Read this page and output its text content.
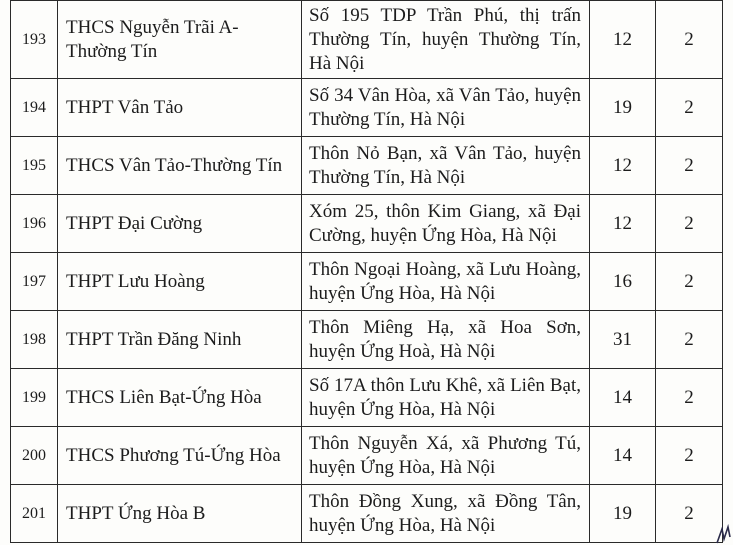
193	THCS Nguyễn Trãi A-Thường Tín	Số 195 TDP Trần Phú, thị trấn Thường Tín, huyện Thường Tín, Hà Nội	12	2
194	THPT Vân Tảo	Số 34 Vân Hòa, xã Vân Tảo, huyện Thường Tín, Hà Nội	19	2
195	THCS Vân Tảo-Thường Tín	Thôn Nỏ Bạn, xã Vân Tảo, huyện Thường Tín, Hà Nội	12	2
196	THPT Đại Cường	Xóm 25, thôn Kim Giang, xã Đại Cường, huyện Ứng Hòa, Hà Nội	12	2
197	THPT Lưu Hoàng	Thôn Ngoại Hoàng, xã Lưu Hoàng, huyện Ứng Hòa, Hà Nội	16	2
198	THPT Trần Đăng Ninh	Thôn Miêng Hạ, xã Hoa Sơn, huyện Ứng Hoà, Hà Nội	31	2
199	THCS Liên Bạt-Ứng Hòa	Số 17A thôn Lưu Khê, xã Liên Bạt, huyện Ứng Hòa, Hà Nội	14	2
200	THCS Phương Tú-Ứng Hòa	Thôn Nguyễn Xá, xã Phương Tú, huyện Ứng Hòa, Hà Nội	14	2
201	THPT Ứng Hòa B	Thôn Đồng Xung, xã Đồng Tân, huyện Ứng Hòa, Hà Nội	19	2
